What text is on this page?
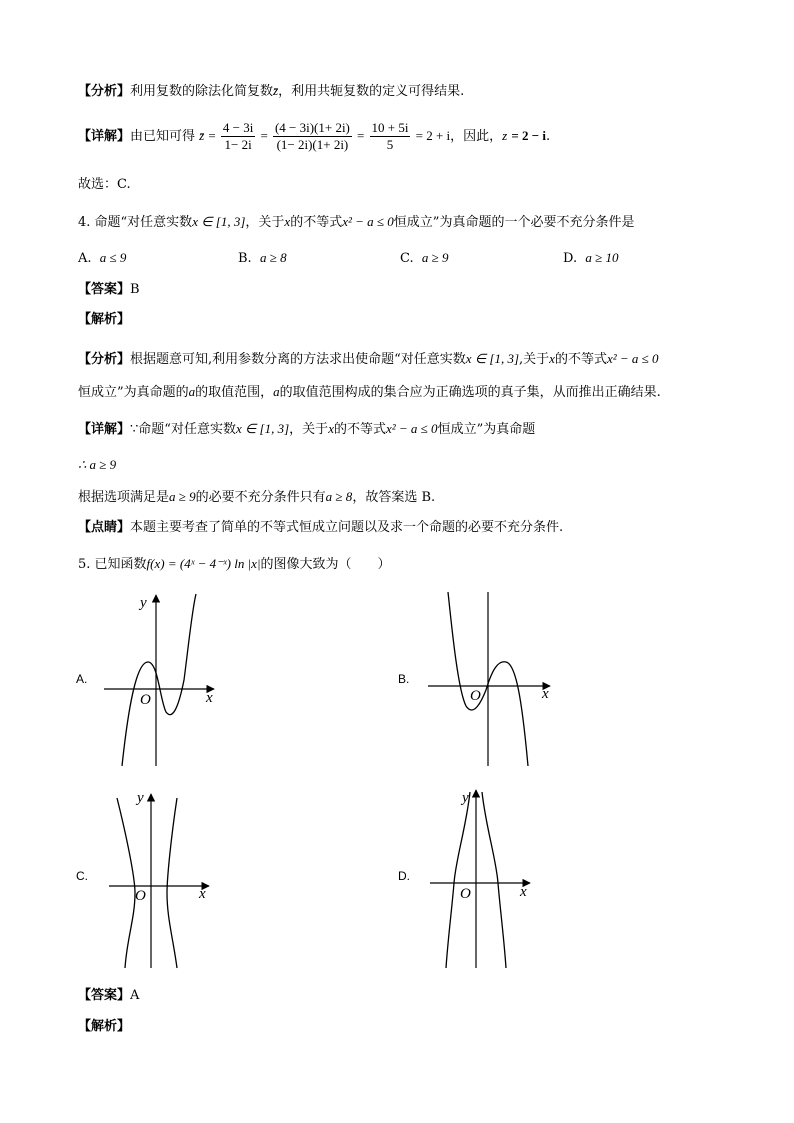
【分析】利用复数的除法化简复数z̄，利用共轭复数的定义可得结果.
【详解】由已知可得 z̄ = $\frac{4 - 3i}{1- 2i} = \frac{(4 - 3i)(1+ 2i)}{(1- 2i)(1+ 2i)} = \frac{10 + 5i}{5} = 2 + i$，因此，z = 2 − i.
故选：C.
4. 命题“对任意实数x ∈ [1, 3]，关于x的不等式x² − a ≤ 0恒成立”为真命题的一个必要不充分条件是
A. a ≤ 9	B. a ≥ 8	C. a ≥ 9	D. a ≥ 10
【答案】B
【解析】
【分析】根据题意可知,利用参数分离的方法求出使命题“对任意实数x ∈ [1, 3],关于x的不等式x² − a ≤ 0
恒成立”为真命题的a的取值范围，a的取值范围构成的集合应为正确选项的真子集，从而推出正确结果.
【详解】∵命题“对任意实数x ∈ [1, 3]，关于x的不等式x² − a ≤ 0恒成立”为真命题
∴ a ≥ 9
根据选项满足是a ≥ 9的必要不充分条件只有a ≥ 8，故答案选 B.
【点睛】本题主要考查了简单的不等式恒成立问题以及求一个命题的必要不充分条件.
5. 已知函数f(x) = (4ˣ − 4⁻ˣ) ln |x|的图像大致为（　　）
A.	B.
C.	D.
y
O	x	O	x
y
O	x
y
O	x
【答案】A
【解析】
